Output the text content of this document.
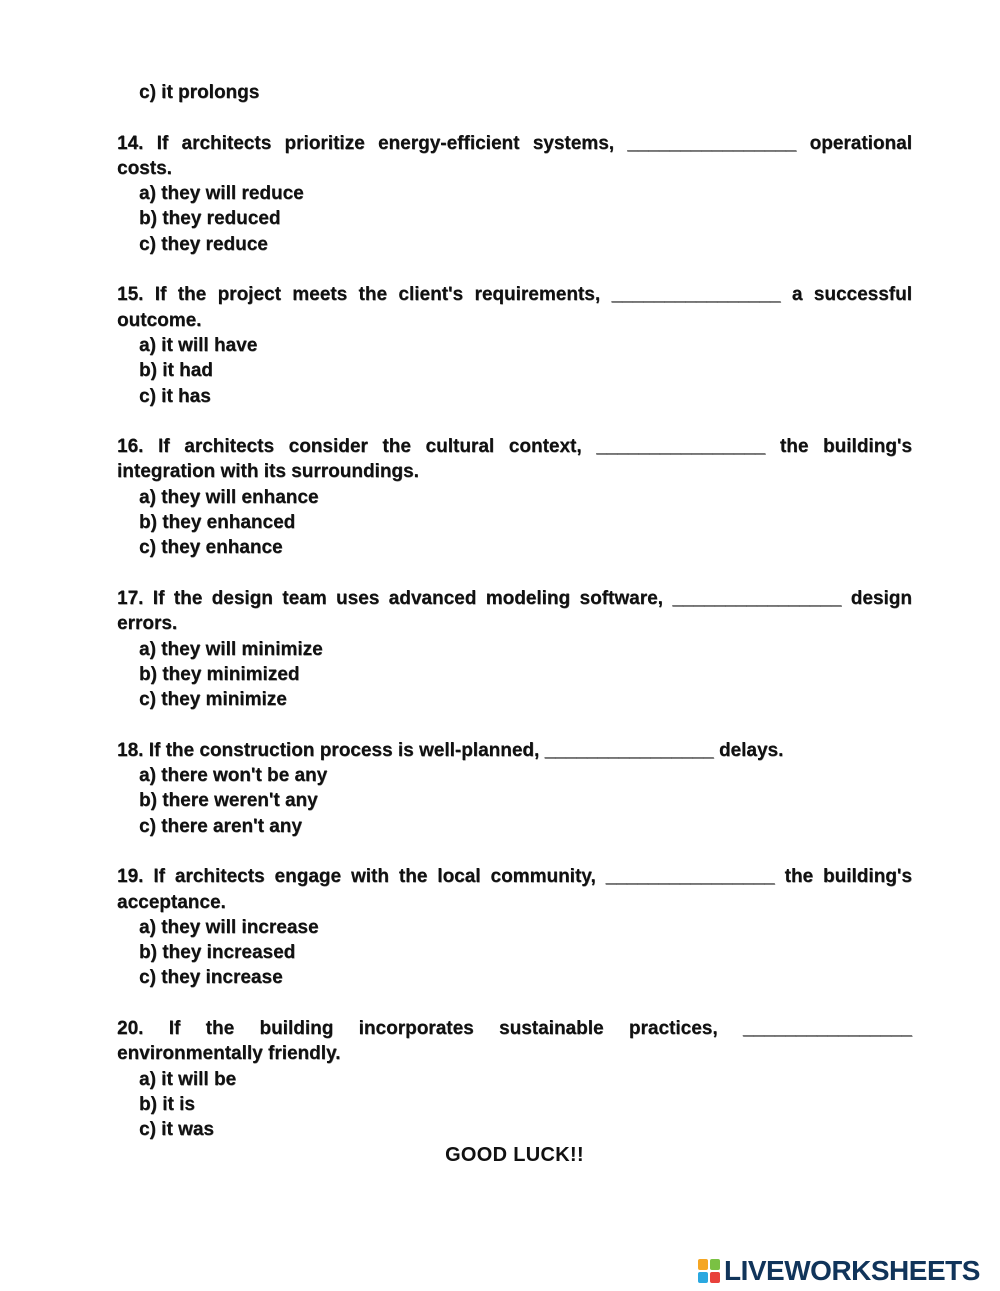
c) it prolongs
14. If architects prioritize energy-efficient systems, ________________ operational costs.
a) they will reduce
b) they reduced
c) they reduce
15. If the project meets the client's requirements, ________________ a successful outcome.
a) it will have
b) it had
c) it has
16. If architects consider the cultural context, ________________ the building's integration with its surroundings.
a) they will enhance
b) they enhanced
c) they enhance
17. If the design team uses advanced modeling software, ________________ design errors.
a) they will minimize
b) they minimized
c) they minimize
18. If the construction process is well-planned, ________________ delays.
a) there won't be any
b) there weren't any
c) there aren't any
19. If architects engage with the local community, ________________ the building's acceptance.
a) they will increase
b) they increased
c) they increase
20. If the building incorporates sustainable practices, ________________ environmentally friendly.
a) it will be
b) it is
c) it was
GOOD LUCK!!
LIVEWORKSHEETS
